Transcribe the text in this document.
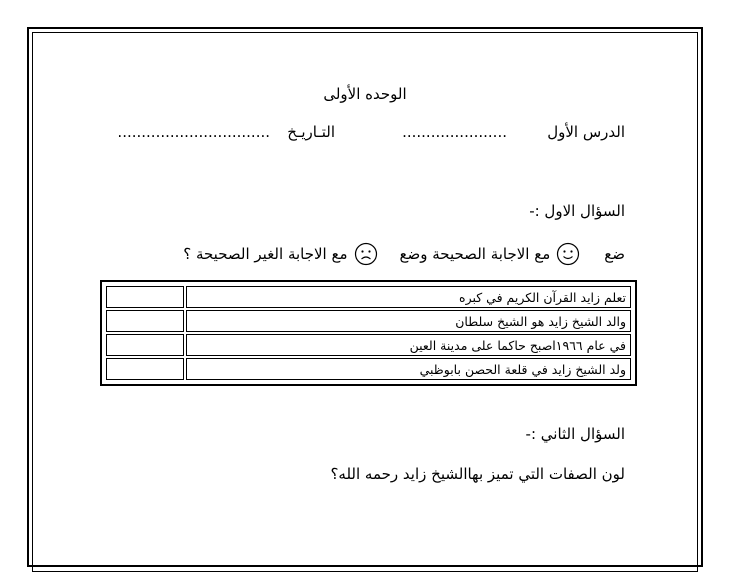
الوحده الأولى
الدرس الأول
......................
التـاريـخ
................................
السؤال الاول :-
ضع
مع الاجابة الصحيحة وضع
مع الاجابة الغير الصحيحة ؟
تعلم زايد القرآن الكريم في كبره	
والد الشيخ زايد هو الشيخ سلطان	
في عام ١٩٦٦اصبح حاكما على مدينة العين	
ولد الشيخ زايد في قلعة الحصن بابوظبي	
السؤال الثاني :-
لون الصفات التي تميز بهاالشيخ زايد رحمه الله؟
